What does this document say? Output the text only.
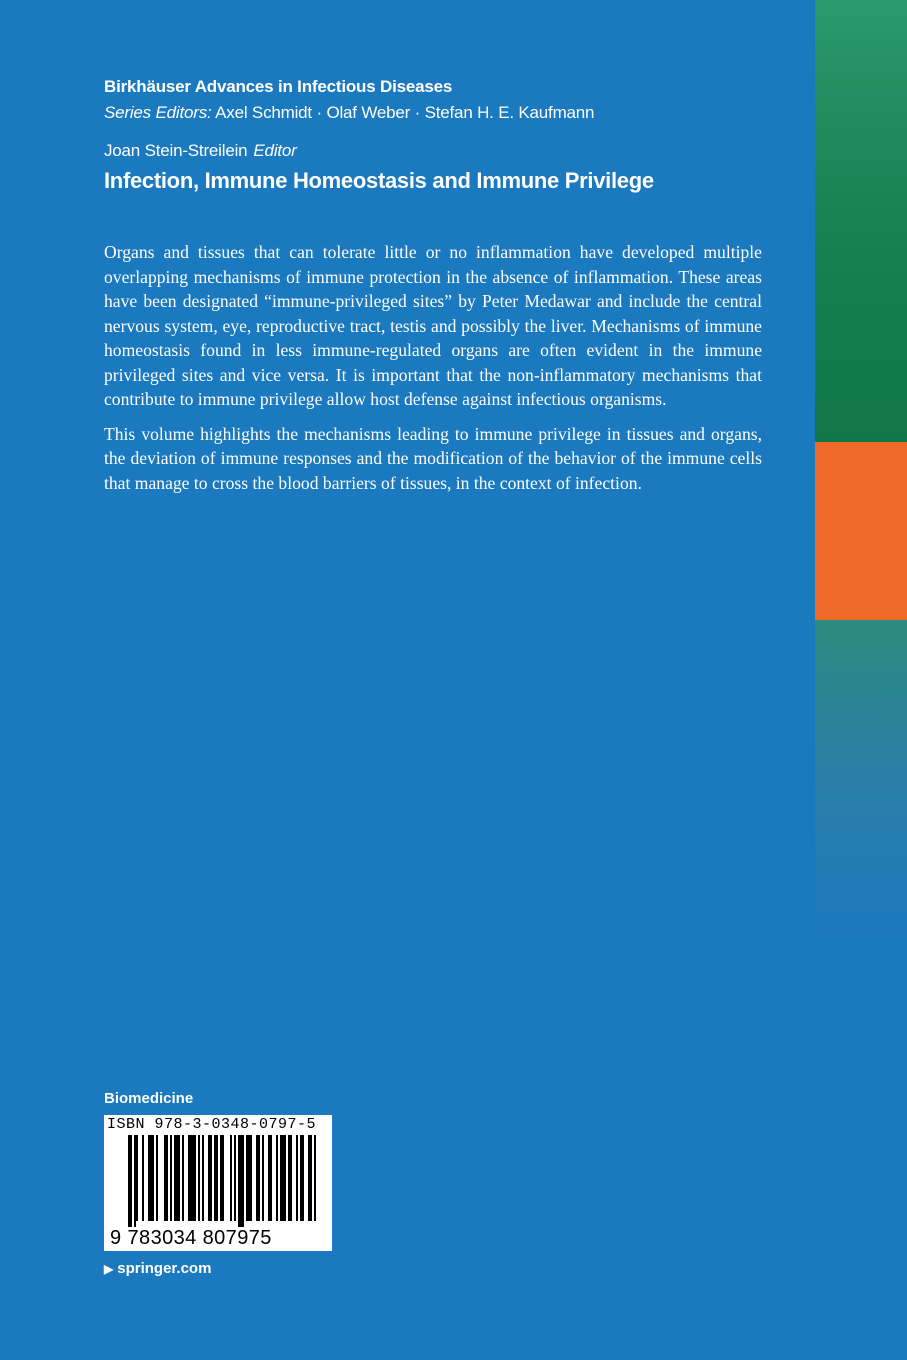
Birkhäuser Advances in Infectious Diseases
Series Editors: Axel Schmidt · Olaf Weber · Stefan H. E. Kaufmann
Joan Stein-Streilein Editor
Infection, Immune Homeostasis and Immune Privilege

Organs and tissues that can tolerate little or no inflammation have developed multiple overlapping mechanisms of immune protection in the absence of inflammation. These areas have been designated “immune-privileged sites” by Peter Medawar and include the central nervous system, eye, reproductive tract, testis and possibly the liver. Mechanisms of immune homeostasis found in less immune-regulated organs are often evident in the immune privileged sites and vice versa. It is important that the non-inflammatory mechanisms that contribute to immune privilege allow host defense against infectious organisms.

This volume highlights the mechanisms leading to immune privilege in tissues and organs, the deviation of immune responses and the modification of the behavior of the immune cells that manage to cross the blood barriers of tissues, in the context of infection.

Biomedicine
ISBN 978-3-0348-0797-5
9 783034 807975
▶ springer.com
